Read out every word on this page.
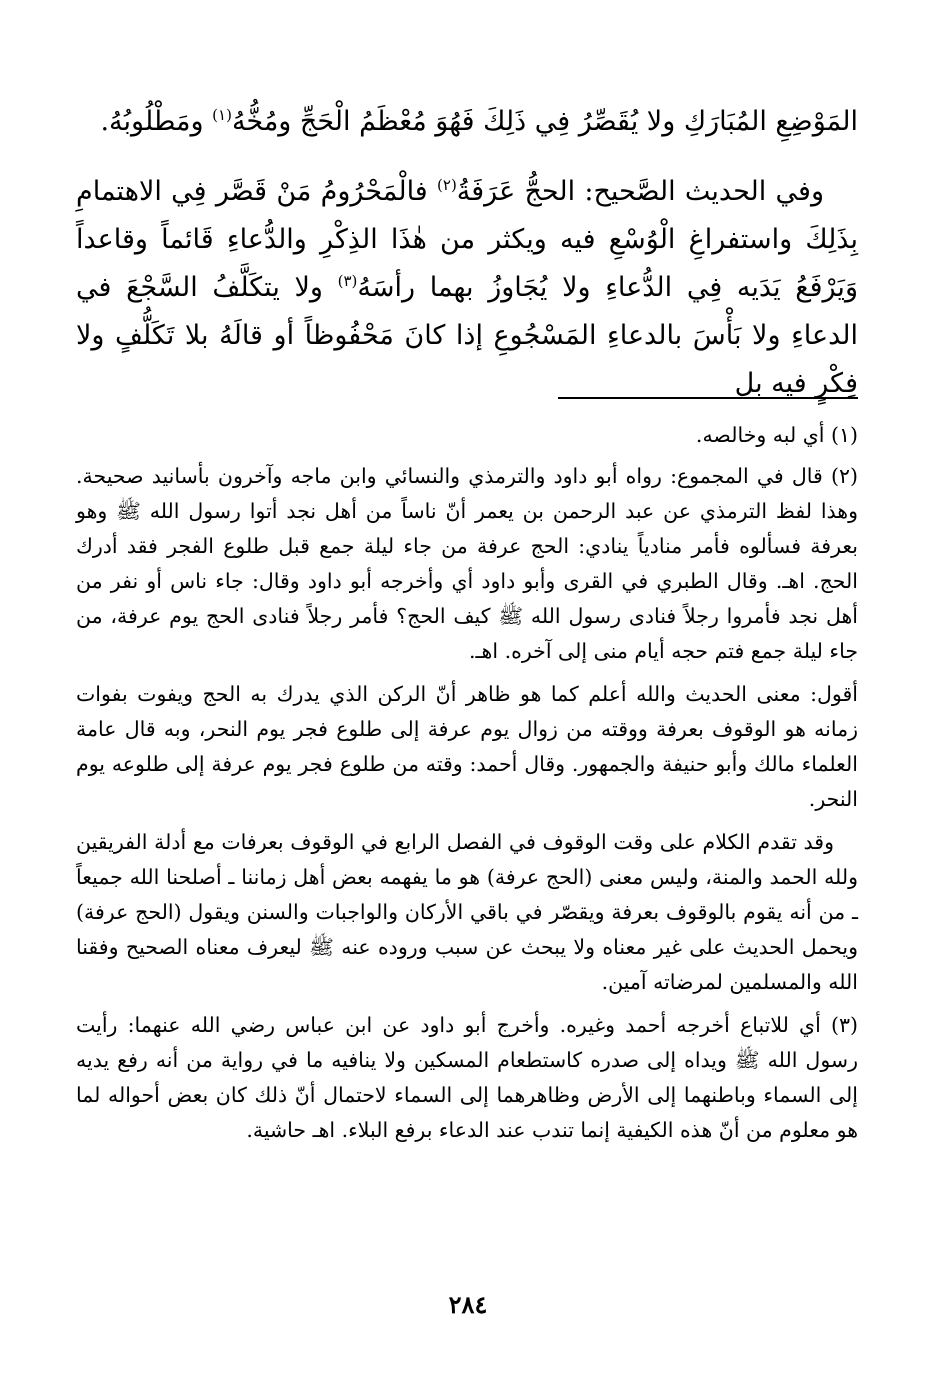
المَوْضِعِ المُبَارَكِ ولا يُقَصِّرُ فِي ذَلِكَ فَهُوَ مُعْظَمُ الْحَجِّ ومُخُّهُ$^{(١)}$ ومَطْلُوبُهُ.

وفي الحديث الصَّحيح: الحجُّ عَرَفَةُ$^{(٢)}$ فالْمَحْرُومُ مَنْ قَصَّر فِي الاهتمامِ بِذَلِكَ واستفراغِ الْوُسْعِ فيه ويكثر من هٰذَا الذِكْرِ والدُّعاءِ قَائماً وقاعداً وَيَرْفَعُ يَدَيه فِي الدُّعاءِ ولا يُجَاوزُ بهما رأسَهُ$^{(٣)}$ ولا يتكَلَّفُ السَّجْعَ في الدعاءِ ولا بَأْسَ بالدعاءِ المَسْجُوعِ إذا كانَ مَحْفُوظاً أو قالَهُ بلا تَكَلُّفٍ ولا فِكْرٍ فيه بل

(١) أي لبه وخالصه.

(٢) قال في المجموع: رواه أبو داود والترمذي والنسائي وابن ماجه وآخرون بأسانيد صحيحة. وهذا لفظ الترمذي عن عبد الرحمن بن يعمر أنّ ناساً من أهل نجد أتوا رسول الله ﷺ وهو بعرفة فسألوه فأمر منادياً ينادي: الحج عرفة من جاء ليلة جمع قبل طلوع الفجر فقد أدرك الحج. اهـ. وقال الطبري في القرى وأبو داود أي وأخرجه أبو داود وقال: جاء ناس أو نفر من أهل نجد فأمروا رجلاً فنادى رسول الله ﷺ كيف الحج؟ فأمر رجلاً فنادى الحج يوم عرفة، من جاء ليلة جمع فتم حجه أيام منى إلى آخره. اهـ.

أقول: معنى الحديث والله أعلم كما هو ظاهر أنّ الركن الذي يدرك به الحج ويفوت بفوات زمانه هو الوقوف بعرفة ووقته من زوال يوم عرفة إلى طلوع فجر يوم النحر، وبه قال عامة العلماء مالك وأبو حنيفة والجمهور. وقال أحمد: وقته من طلوع فجر يوم عرفة إلى طلوعه يوم النحر.

وقد تقدم الكلام على وقت الوقوف في الفصل الرابع في الوقوف بعرفات مع أدلة الفريقين ولله الحمد والمنة، وليس معنى (الحج عرفة) هو ما يفهمه بعض أهل زماننا ـ أصلحنا الله جميعاً ـ من أنه يقوم بالوقوف بعرفة ويقصّر في باقي الأركان والواجبات والسنن ويقول (الحج عرفة) ويحمل الحديث على غير معناه ولا يبحث عن سبب وروده عنه ﷺ ليعرف معناه الصحيح وفقنا الله والمسلمين لمرضاته آمين.

(٣) أي للاتباع أخرجه أحمد وغيره. وأخرج أبو داود عن ابن عباس رضي الله عنهما: رأيت رسول الله ﷺ ويداه إلى صدره كاستطعام المسكين ولا ينافيه ما في رواية من أنه رفع يديه إلى السماء وباطنهما إلى الأرض وظاهرهما إلى السماء لاحتمال أنّ ذلك كان بعض أحواله لما هو معلوم من أنّ هذه الكيفية إنما تندب عند الدعاء برفع البلاء. اهـ حاشية.

٢٨٤
